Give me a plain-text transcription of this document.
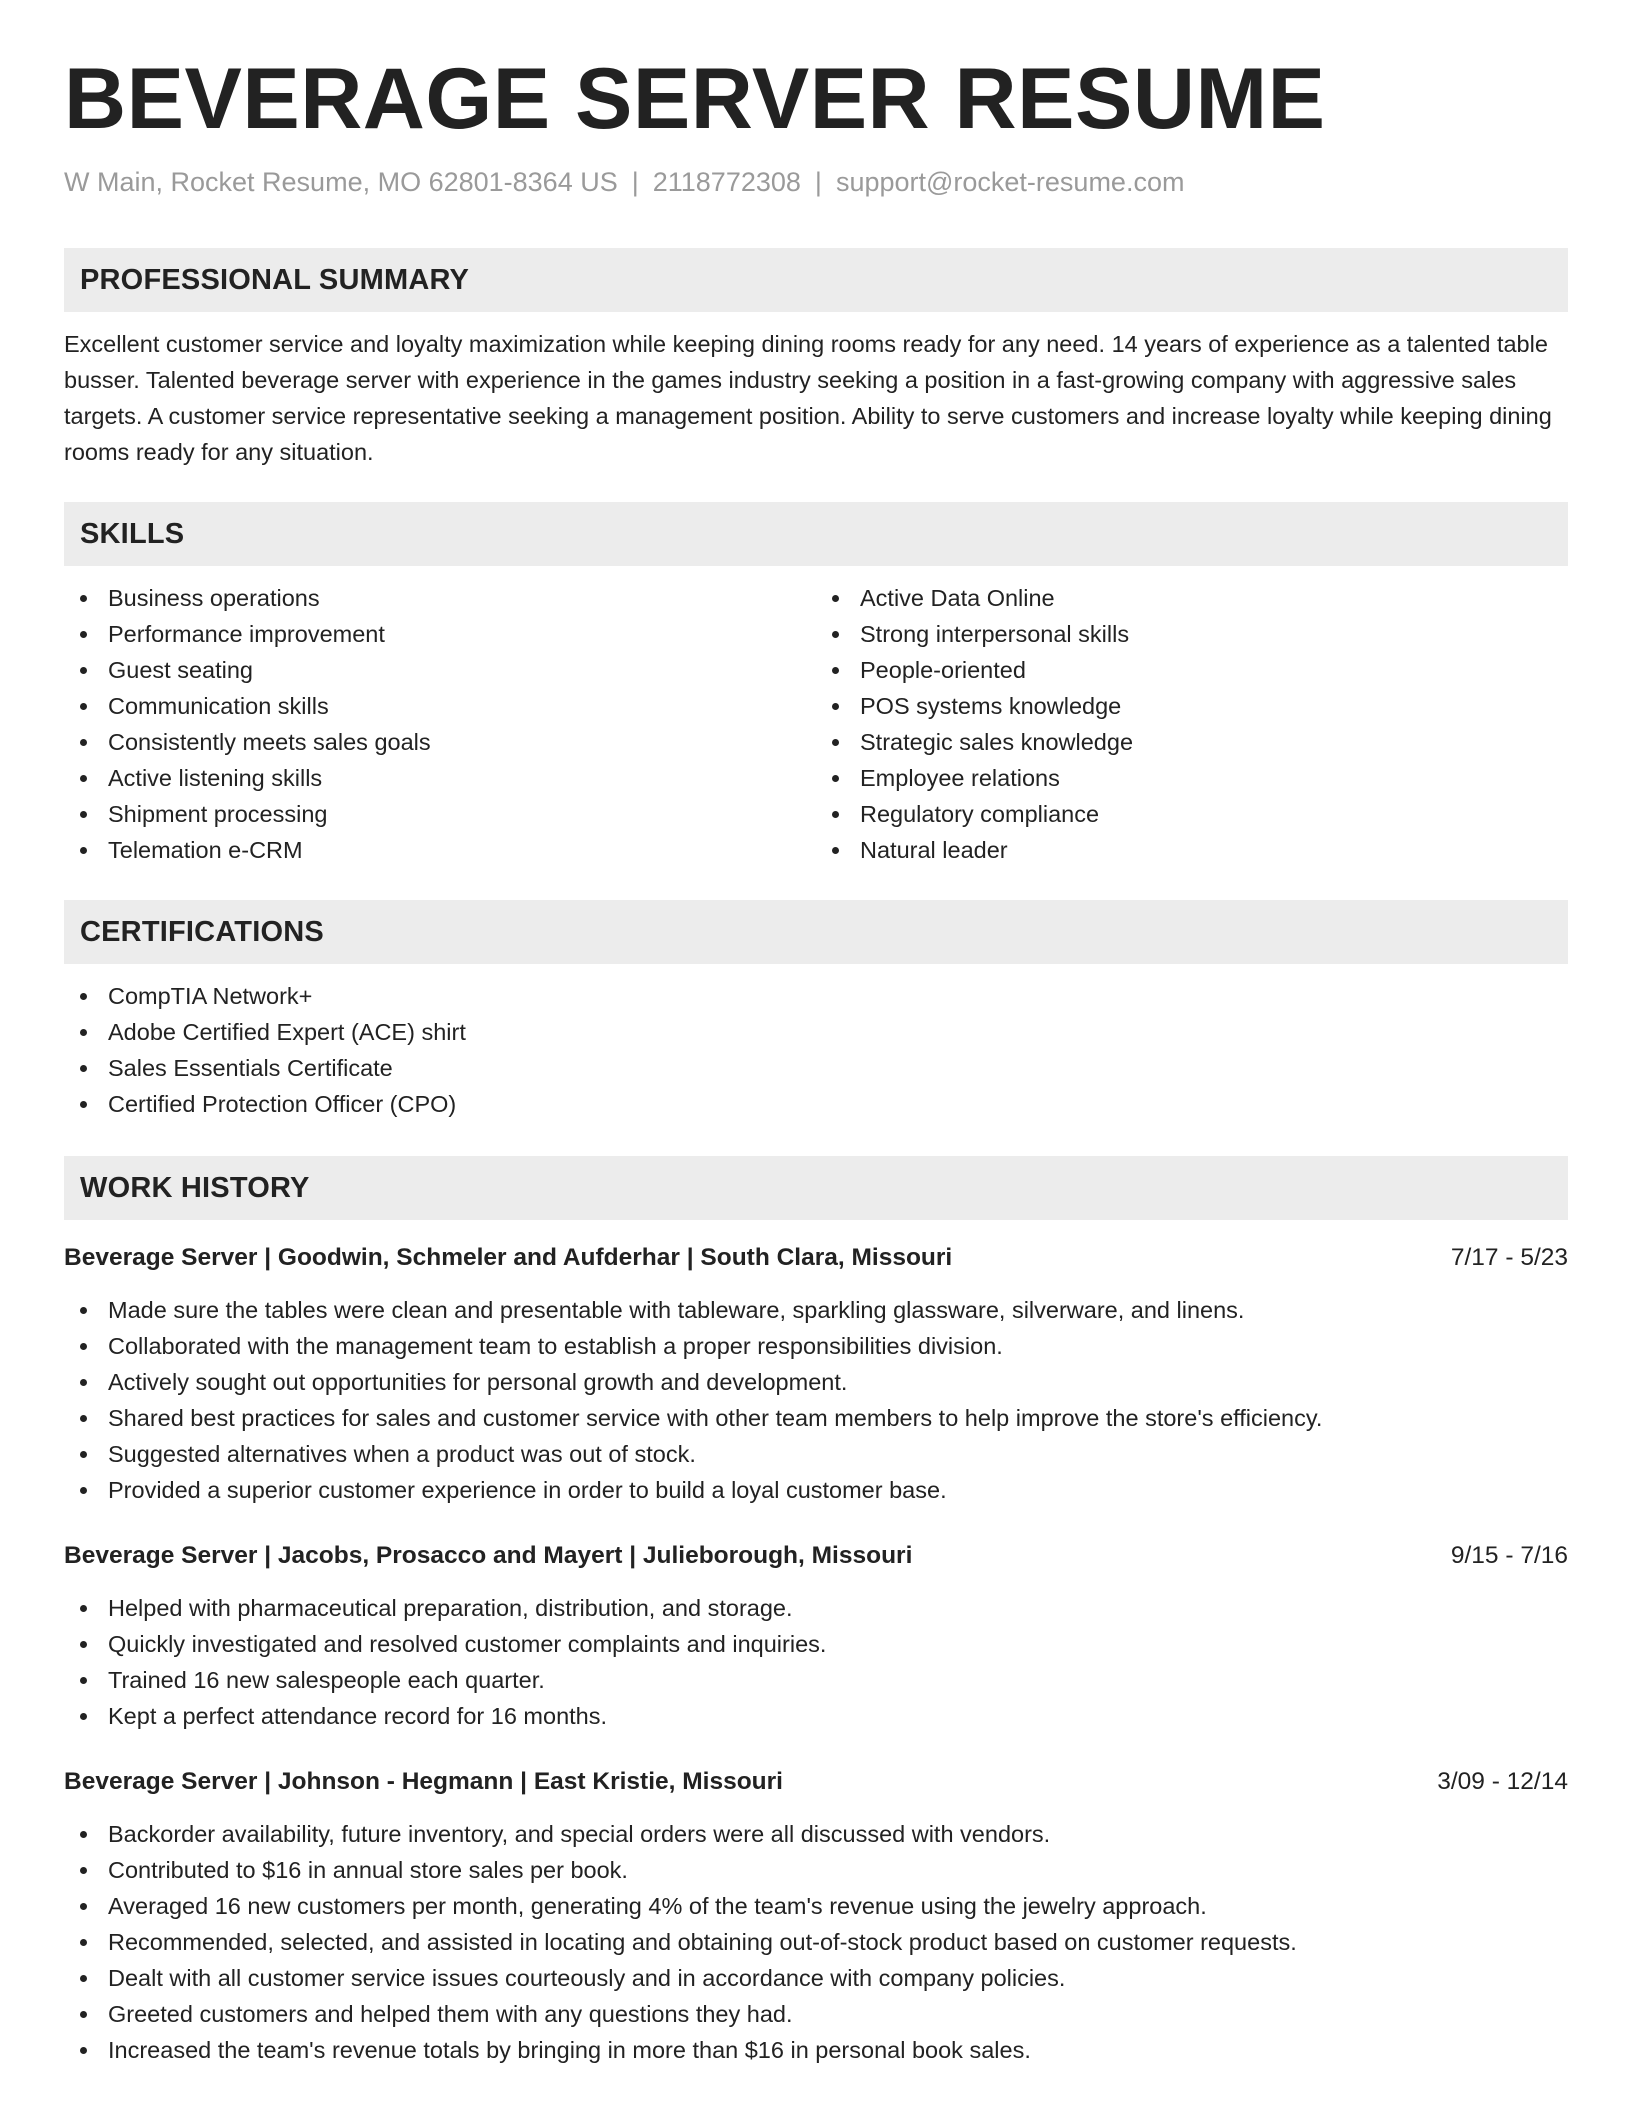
BEVERAGE SERVER RESUME
W Main, Rocket Resume, MO 62801-8364 US | 2118772308 | support@rocket-resume.com
PROFESSIONAL SUMMARY

Excellent customer service and loyalty maximization while keeping dining rooms ready for any need. 14 years of experience as a talented table busser. Talented beverage server with experience in the games industry seeking a position in a fast-growing company with aggressive sales targets. A customer service representative seeking a management position. Ability to serve customers and increase loyalty while keeping dining rooms ready for any situation.

SKILLS
Business operations
Performance improvement
Guest seating
Communication skills
Consistently meets sales goals
Active listening skills
Shipment processing
Telemation e-CRM
Active Data Online
Strong interpersonal skills
People-oriented
POS systems knowledge
Strategic sales knowledge
Employee relations
Regulatory compliance
Natural leader
CERTIFICATIONS
CompTIA Network+
Adobe Certified Expert (ACE) shirt
Sales Essentials Certificate
Certified Protection Officer (CPO)
WORK HISTORY
Beverage Server | Goodwin, Schmeler and Aufderhar | South Clara, Missouri	7/17 - 5/23
Made sure the tables were clean and presentable with tableware, sparkling glassware, silverware, and linens.
Collaborated with the management team to establish a proper responsibilities division.
Actively sought out opportunities for personal growth and development.
Shared best practices for sales and customer service with other team members to help improve the store's efficiency.
Suggested alternatives when a product was out of stock.
Provided a superior customer experience in order to build a loyal customer base.
Beverage Server | Jacobs, Prosacco and Mayert | Julieborough, Missouri	9/15 - 7/16
Helped with pharmaceutical preparation, distribution, and storage.
Quickly investigated and resolved customer complaints and inquiries.
Trained 16 new salespeople each quarter.
Kept a perfect attendance record for 16 months.
Beverage Server | Johnson - Hegmann | East Kristie, Missouri	3/09 - 12/14
Backorder availability, future inventory, and special orders were all discussed with vendors.
Contributed to $16 in annual store sales per book.
Averaged 16 new customers per month, generating 4% of the team's revenue using the jewelry approach.
Recommended, selected, and assisted in locating and obtaining out-of-stock product based on customer requests.
Dealt with all customer service issues courteously and in accordance with company policies.
Greeted customers and helped them with any questions they had.
Increased the team's revenue totals by bringing in more than $16 in personal book sales.
